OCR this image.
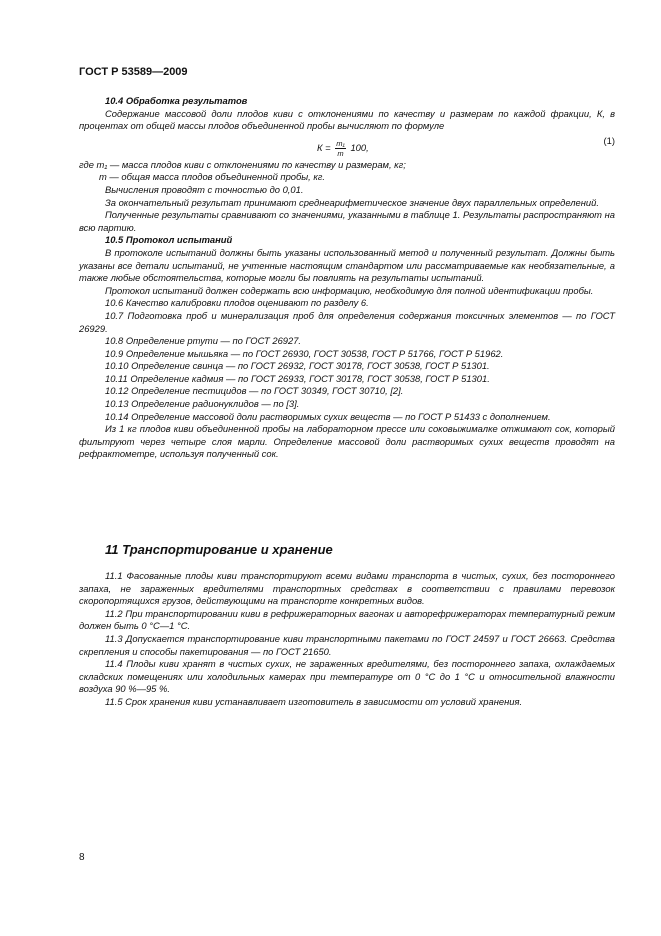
ГОСТ Р 53589—2009

10.4 Обработка результатов

Содержание массовой доли плодов киви с отклонениями по качеству и размерам по каждой фракции, К, в процентах от общей массы плодов объединенной пробы вычисляют по формуле

$К = \frac{\text{m₁}}{m} 100$,
(1)

где m₁ — масса плодов киви с отклонениями по качеству и размерам, кг;

m — общая масса плодов объединенной пробы, кг.

Вычисления проводят с точностью до 0,01.

За окончательный результат принимают среднеарифметическое значение двух параллельных определений.

Полученные результаты сравнивают со значениями, указанными в таблице 1. Результаты распространяют на всю партию.

10.5 Протокол испытаний

В протоколе испытаний должны быть указаны использованный метод и полученный результат. Должны быть указаны все детали испытаний, не учтенные настоящим стандартом или рассматриваемые как необязательные, а также любые обстоятельства, которые могли бы повлиять на результаты испытаний.

Протокол испытаний должен содержать всю информацию, необходимую для полной идентификации пробы.

10.6 Качество калибровки плодов оценивают по разделу 6.

10.7 Подготовка проб и минерализация проб для определения содержания токсичных элементов — по ГОСТ 26929.

10.8 Определение ртути — по ГОСТ 26927.

10.9 Определение мышьяка — по ГОСТ 26930, ГОСТ 30538, ГОСТ Р 51766, ГОСТ Р 51962.

10.10 Определение свинца — по ГОСТ 26932, ГОСТ 30178, ГОСТ 30538, ГОСТ Р 51301.

10.11 Определение кадмия — по ГОСТ 26933, ГОСТ 30178, ГОСТ 30538, ГОСТ Р 51301.

10.12 Определение пестицидов — по ГОСТ 30349, ГОСТ 30710, [2].

10.13 Определение радионуклидов — по [3].

10.14 Определение массовой доли растворимых сухих веществ — по ГОСТ Р 51433 с дополнением.

Из 1 кг плодов киви объединенной пробы на лабораторном прессе или соковыжималке отжимают сок, который фильтруют через четыре слоя марли. Определение массовой доли растворимых сухих веществ проводят на рефрактометре, используя полученный сок.

11 Транспортирование и хранение

11.1 Фасованные плоды киви транспортируют всеми видами транспорта в чистых, сухих, без постороннего запаха, не зараженных вредителями транспортных средствах в соответствии с правилами перевозок скоропортящихся грузов, действующими на транспорте конкретных видов.

11.2 При транспортировании киви в рефрижераторных вагонах и авторефрижераторах температурный режим должен быть 0 °С—1 °С.

11.3 Допускается транспортирование киви транспортными пакетами по ГОСТ 24597 и ГОСТ 26663. Средства скрепления и способы пакетирования — по ГОСТ 21650.

11.4 Плоды киви хранят в чистых сухих, не зараженных вредителями, без постороннего запаха, охлаждаемых складских помещениях или холодильных камерах при температуре от 0 °С до 1 °С и относительной влажности воздуха 90 %—95 %.

11.5 Срок хранения киви устанавливает изготовитель в зависимости от условий хранения.

8
